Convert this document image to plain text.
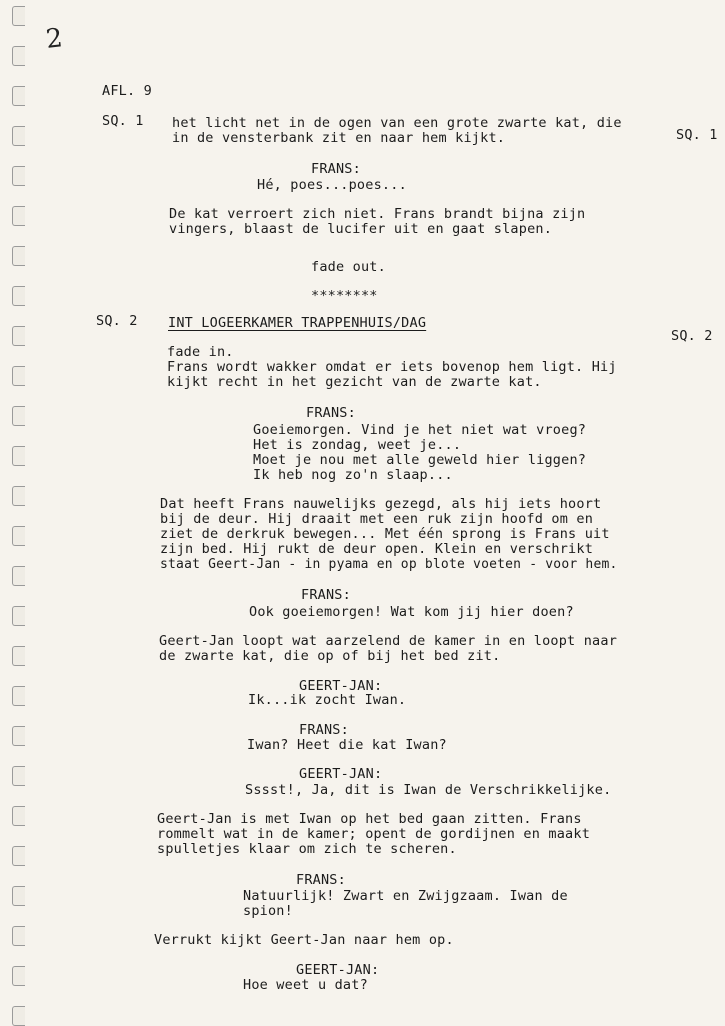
2
AFL. 9
SQ. 1
SQ. 1
het licht net in de ogen van een grote zwarte kat, die
in de vensterbank zit en naar hem kijkt.
FRANS:
Hé, poes...poes...
De kat verroert zich niet. Frans brandt bijna zijn
vingers, blaast de lucifer uit en gaat slapen.
fade out.
********
SQ. 2
SQ. 2
INT LOGEERKAMER TRAPPENHUIS/DAG
fade in.
Frans wordt wakker omdat er iets bovenop hem ligt. Hij
kijkt recht in het gezicht van de zwarte kat.
FRANS:
Goeiemorgen. Vind je het niet wat vroeg?
Het is zondag, weet je...
Moet je nou met alle geweld hier liggen?
Ik heb nog zo'n slaap...
Dat heeft Frans nauwelijks gezegd, als hij iets hoort
bij de deur. Hij draait met een ruk zijn hoofd om en
ziet de derkruk bewegen... Met één sprong is Frans uit
zijn bed. Hij rukt de deur open. Klein en verschrikt
staat Geert-Jan - in pyama en op blote voeten - voor hem.
FRANS:
Ook goeiemorgen! Wat kom jij hier doen?
Geert-Jan loopt wat aarzelend de kamer in en loopt naar
de zwarte kat, die op of bij het bed zit.
GEERT-JAN:
Ik...ik zocht Iwan.
FRANS:
Iwan? Heet die kat Iwan?
GEERT-JAN:
Sssst!, Ja, dit is Iwan de Verschrikkelijke.
Geert-Jan is met Iwan op het bed gaan zitten. Frans
rommelt wat in de kamer; opent de gordijnen en maakt
spulletjes klaar om zich te scheren.
FRANS:
Natuurlijk! Zwart en Zwijgzaam. Iwan de
spion!
Verrukt kijkt Geert-Jan naar hem op.
GEERT-JAN:
Hoe weet u dat?
